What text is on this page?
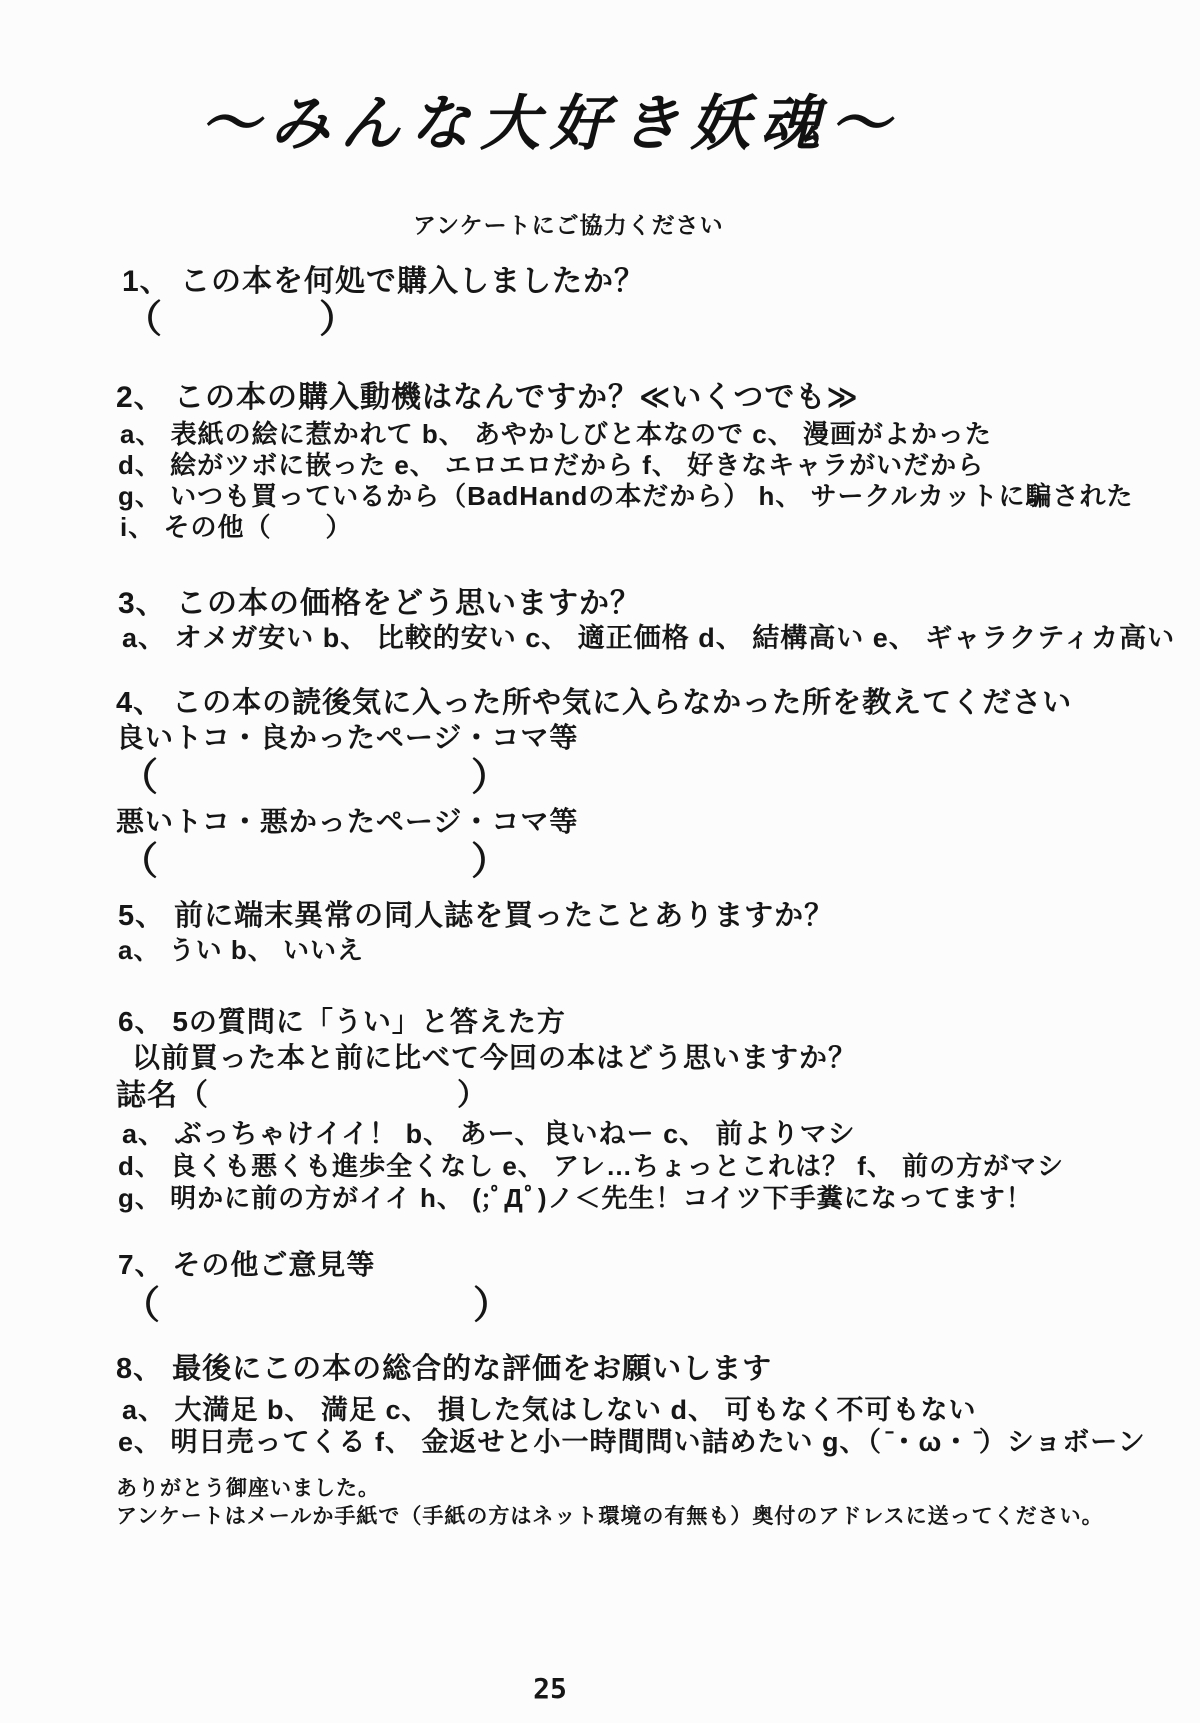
～みんな大好き妖魂～
アンケートにご協力ください
1、 この本を何処で購入しましたか？
（　　　　）
2、 この本の購入動機はなんですか？≪いくつでも≫
a、 表紙の絵に惹かれて b、 あやかしびと本なので c、 漫画がよかった
d、 絵がツボに嵌った e、 エロエロだから f、 好きなキャラがいだから
g、 いつも買っているから（BadHandの本だから） h、 サークルカットに騙された
i、 その他（　　）
3、 この本の価格をどう思いますか？
a、 オメガ安い b、 比較的安い c、 適正価格 d、 結構高い e、 ギャラクティカ高い
4、 この本の読後気に入った所や気に入らなかった所を教えてください
良いトコ・良かったページ・コマ等
（　　　　　　　　）
悪いトコ・悪かったページ・コマ等
（　　　　　　　　）
5、 前に端末異常の同人誌を買ったことありますか？
a、 うい b、 いいえ
6、 5の質問に「うい」と答えた方
以前買った本と前に比べて今回の本はどう思いますか？
誌名（　　　　　　　　）
a、 ぶっちゃけイイ！ b、 あー、良いねー c、 前よりマシ
d、 良くも悪くも進歩全くなし e、 アレ…ちょっとこれは？ f、 前の方がマシ
g、 明かに前の方がイイ h、 (;ﾟДﾟ)ノ＜先生！コイツ下手糞になってます！
7、 その他ご意見等
（　　　　　　　　）
8、 最後にこの本の総合的な評価をお願いします
a、 大満足 b、 満足 c、 損した気はしない d、 可もなく不可もない
e、 明日売ってくる f、 金返せと小一時間問い詰めたい g、（ ̄・ω・ ̄）ショボーン
ありがとう御座いました。
アンケートはメールか手紙で（手紙の方はネット環境の有無も）奥付のアドレスに送ってください。
25
